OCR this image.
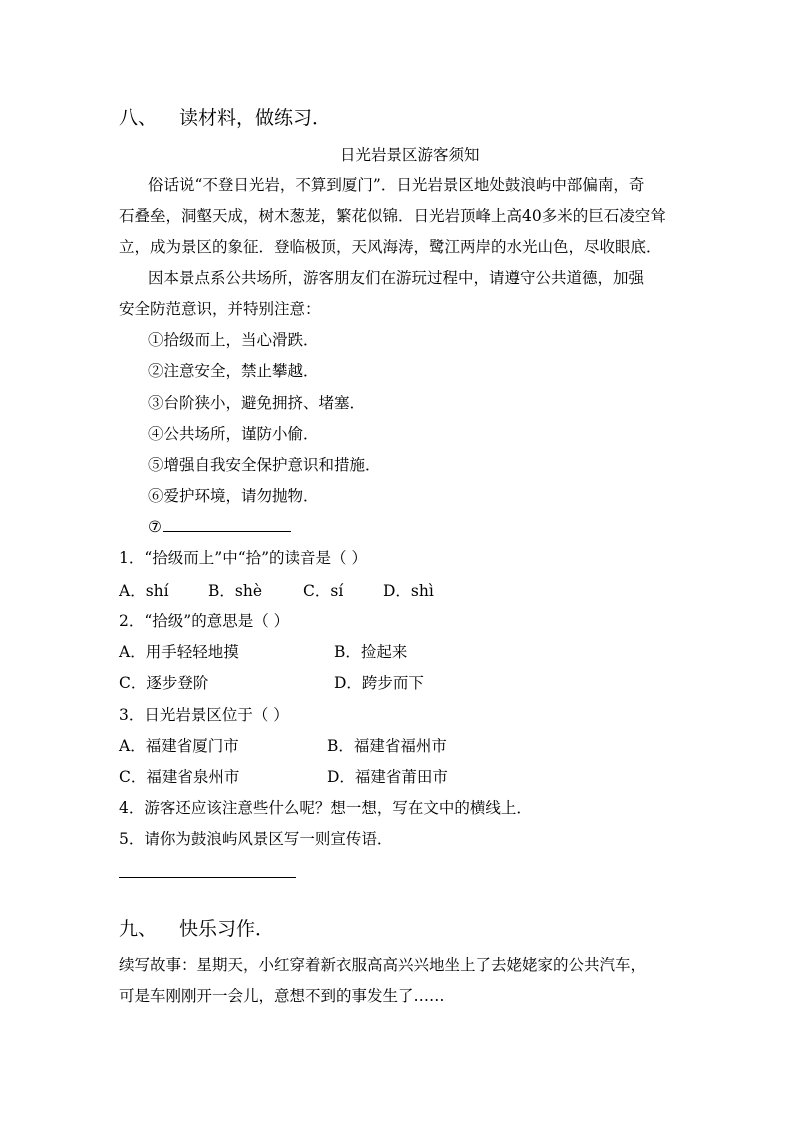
八、 读材料，做练习．
日光岩景区游客须知
俗话说“不登日光岩，不算到厦门”．日光岩景区地处鼓浪屿中部偏南，奇
石叠垒，洞壑天成，树木葱茏，繁花似锦．日光岩顶峰上高40多米的巨石凌空耸
立，成为景区的象征．登临极顶，天风海涛，鹭江两岸的水光山色，尽收眼底．
因本景点系公共场所，游客朋友们在游玩过程中，请遵守公共道德，加强
安全防范意识，并特别注意：
①拾级而上，当心滑跌．
②注意安全，禁止攀越．
③台阶狭小，避免拥挤、堵塞．
④公共场所，谨防小偷．
⑤增强自我安全保护意识和措施．
⑥爱护环境，请勿抛物．
⑦
1．“拾级而上”中“拾”的读音是（ ）
A．shí	B．shè	C．sí	D．shì
2．“拾级”的意思是（ ）
A．用手轻轻地摸	B．捡起来
C．逐步登阶	D．跨步而下
3．日光岩景区位于（ ）
A．福建省厦门市	B．福建省福州市
C．福建省泉州市	D．福建省莆田市
4．游客还应该注意些什么呢？想一想，写在文中的横线上．
5．请你为鼓浪屿风景区写一则宣传语．
九、 快乐习作．
续写故事：星期天，小红穿着新衣服高高兴兴地坐上了去姥姥家的公共汽车，
可是车刚刚开一会儿，意想不到的事发生了……
